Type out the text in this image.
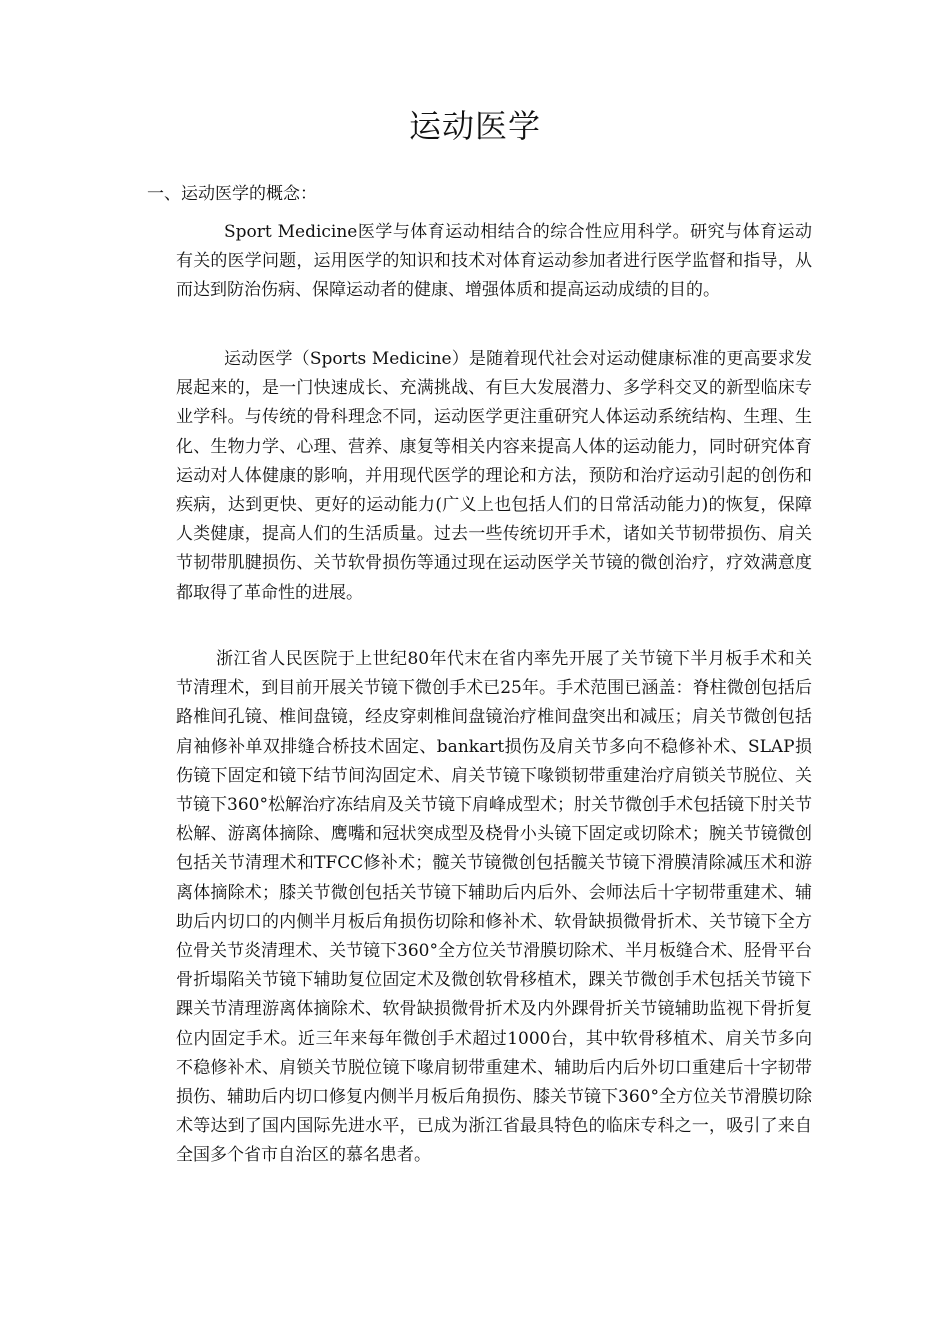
运动医学
一、运动医学的概念：

Sport Medicine医学与体育运动相结合的综合性应用科学。研究与体育运动有关的医学问题，运用医学的知识和技术对体育运动参加者进行医学监督和指导，从而达到防治伤病、保障运动者的健康、增强体质和提高运动成绩的目的。

运动医学（Sports Medicine）是随着现代社会对运动健康标准的更高要求发展起来的，是一门快速成长、充满挑战、有巨大发展潜力、多学科交叉的新型临床专业学科。与传统的骨科理念不同，运动医学更注重研究人体运动系统结构、生理、生化、生物力学、心理、营养、康复等相关内容来提高人体的运动能力，同时研究体育运动对人体健康的影响，并用现代医学的理论和方法，预防和治疗运动引起的创伤和疾病，达到更快、更好的运动能力(广义上也包括人们的日常活动能力)的恢复，保障人类健康，提高人们的生活质量。过去一些传统切开手术，诸如关节韧带损伤、肩关节韧带肌腱损伤、关节软骨损伤等通过现在运动医学关节镜的微创治疗，疗效满意度都取得了革命性的进展。

浙江省人民医院于上世纪80年代末在省内率先开展了关节镜下半月板手术和关节清理术，到目前开展关节镜下微创手术已25年。手术范围已涵盖：脊柱微创包括后路椎间孔镜、椎间盘镜，经皮穿刺椎间盘镜治疗椎间盘突出和减压；肩关节微创包括肩袖修补单双排缝合桥技术固定、bankart损伤及肩关节多向不稳修补术、SLAP损伤镜下固定和镜下结节间沟固定术、肩关节镜下喙锁韧带重建治疗肩锁关节脱位、关节镜下360°松解治疗冻结肩及关节镜下肩峰成型术；肘关节微创手术包括镜下肘关节松解、游离体摘除、鹰嘴和冠状突成型及桡骨小头镜下固定或切除术；腕关节镜微创包括关节清理术和TFCC修补术；髋关节镜微创包括髋关节镜下滑膜清除减压术和游离体摘除术；膝关节微创包括关节镜下辅助后内后外、会师法后十字韧带重建术、辅助后内切口的内侧半月板后角损伤切除和修补术、软骨缺损微骨折术、关节镜下全方位骨关节炎清理术、关节镜下360°全方位关节滑膜切除术、半月板缝合术、胫骨平台骨折塌陷关节镜下辅助复位固定术及微创软骨移植术，踝关节微创手术包括关节镜下踝关节清理游离体摘除术、软骨缺损微骨折术及内外踝骨折关节镜辅助监视下骨折复位内固定手术。近三年来每年微创手术超过1000台，其中软骨移植术、肩关节多向不稳修补术、肩锁关节脱位镜下喙肩韧带重建术、辅助后内后外切口重建后十字韧带损伤、辅助后内切口修复内侧半月板后角损伤、膝关节镜下360°全方位关节滑膜切除术等达到了国内国际先进水平，已成为浙江省最具特色的临床专科之一，吸引了来自全国多个省市自治区的慕名患者。
